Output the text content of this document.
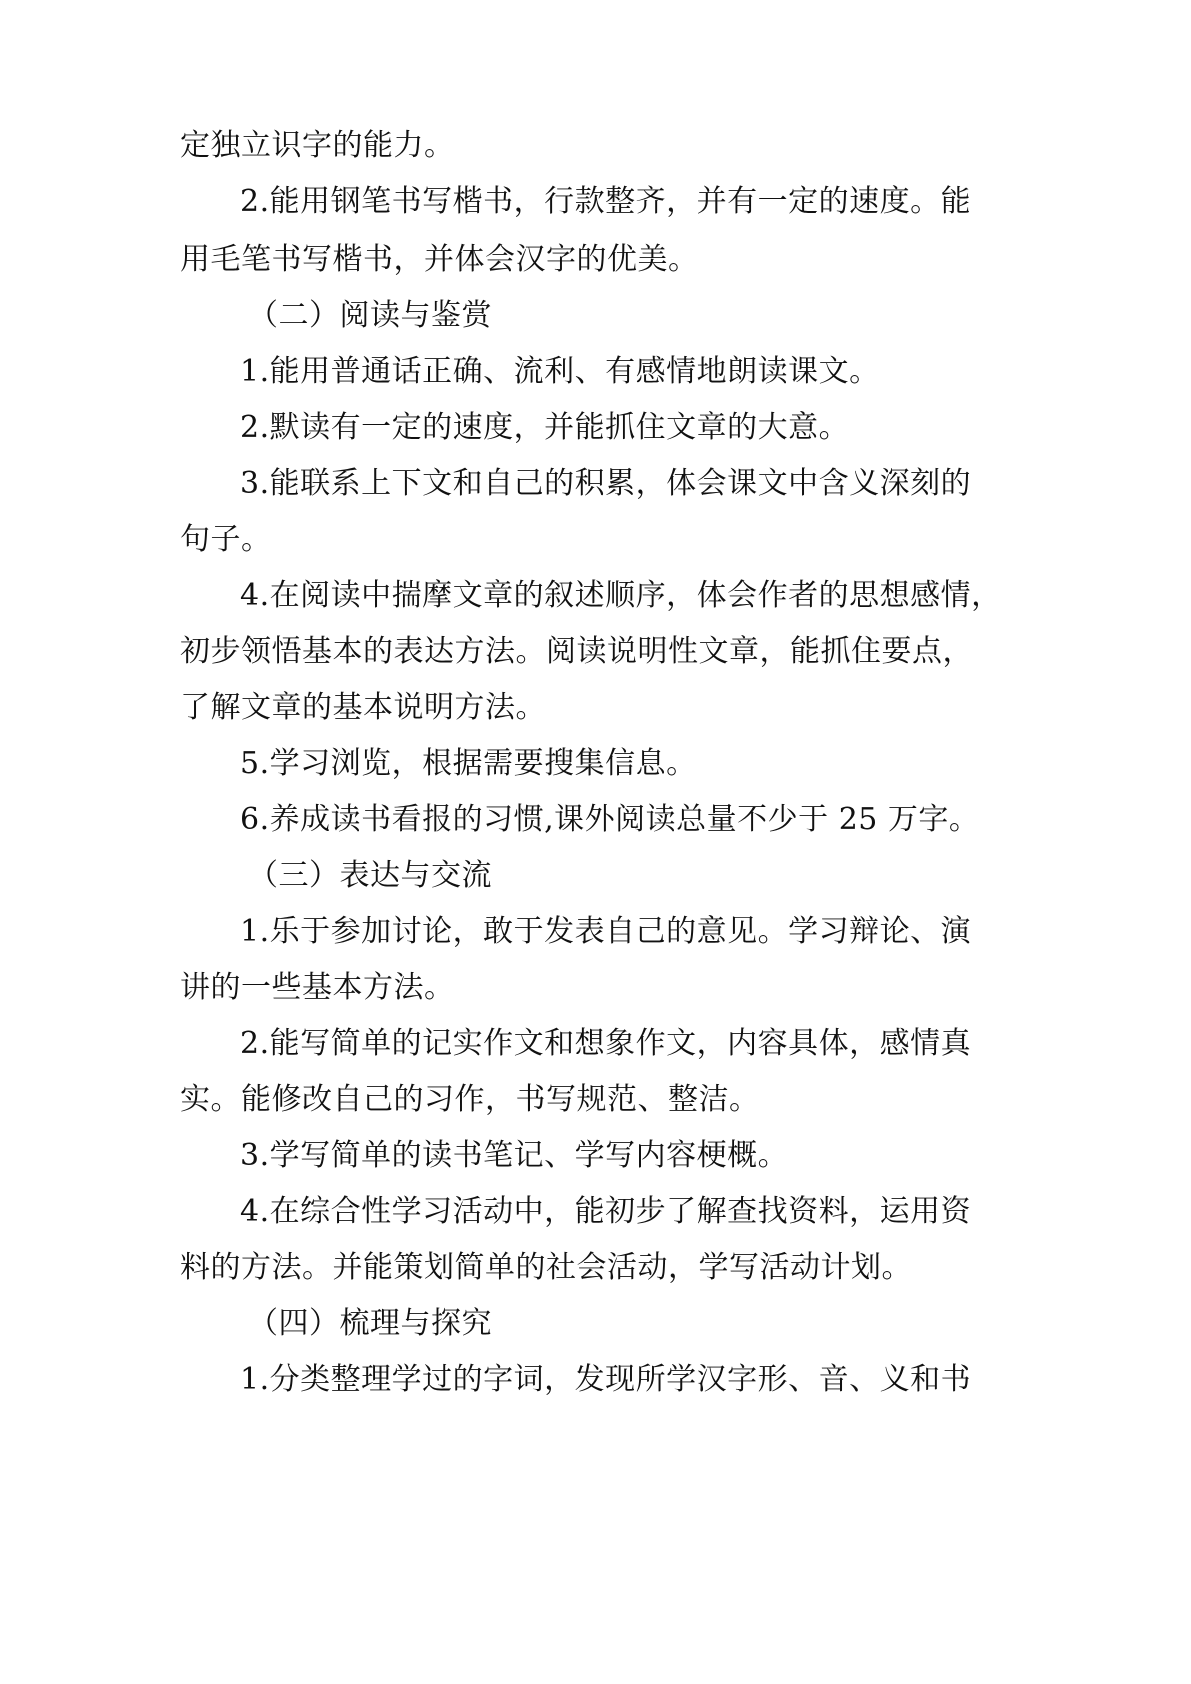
定独立识字的能力。

2.能用钢笔书写楷书，行款整齐，并有一定的速度。能

用毛笔书写楷书，并体会汉字的优美。

（二）阅读与鉴赏

1.能用普通话正确、流利、有感情地朗读课文。

2.默读有一定的速度，并能抓住文章的大意。

3.能联系上下文和自己的积累，体会课文中含义深刻的

句子。

4.在阅读中揣摩文章的叙述顺序，体会作者的思想感情，

初步领悟基本的表达方法。阅读说明性文章，能抓住要点，

了解文章的基本说明方法。

5.学习浏览，根据需要搜集信息。

6.养成读书看报的习惯,课外阅读总量不少于 25 万字。

（三）表达与交流

1.乐于参加讨论，敢于发表自己的意见。学习辩论、演

讲的一些基本方法。

2.能写简单的记实作文和想象作文，内容具体，感情真

实。能修改自己的习作，书写规范、整洁。

3.学写简单的读书笔记、学写内容梗概。

4.在综合性学习活动中，能初步了解查找资料，运用资

料的方法。并能策划简单的社会活动，学写活动计划。

（四）梳理与探究

1.分类整理学过的字词，发现所学汉字形、音、义和书
